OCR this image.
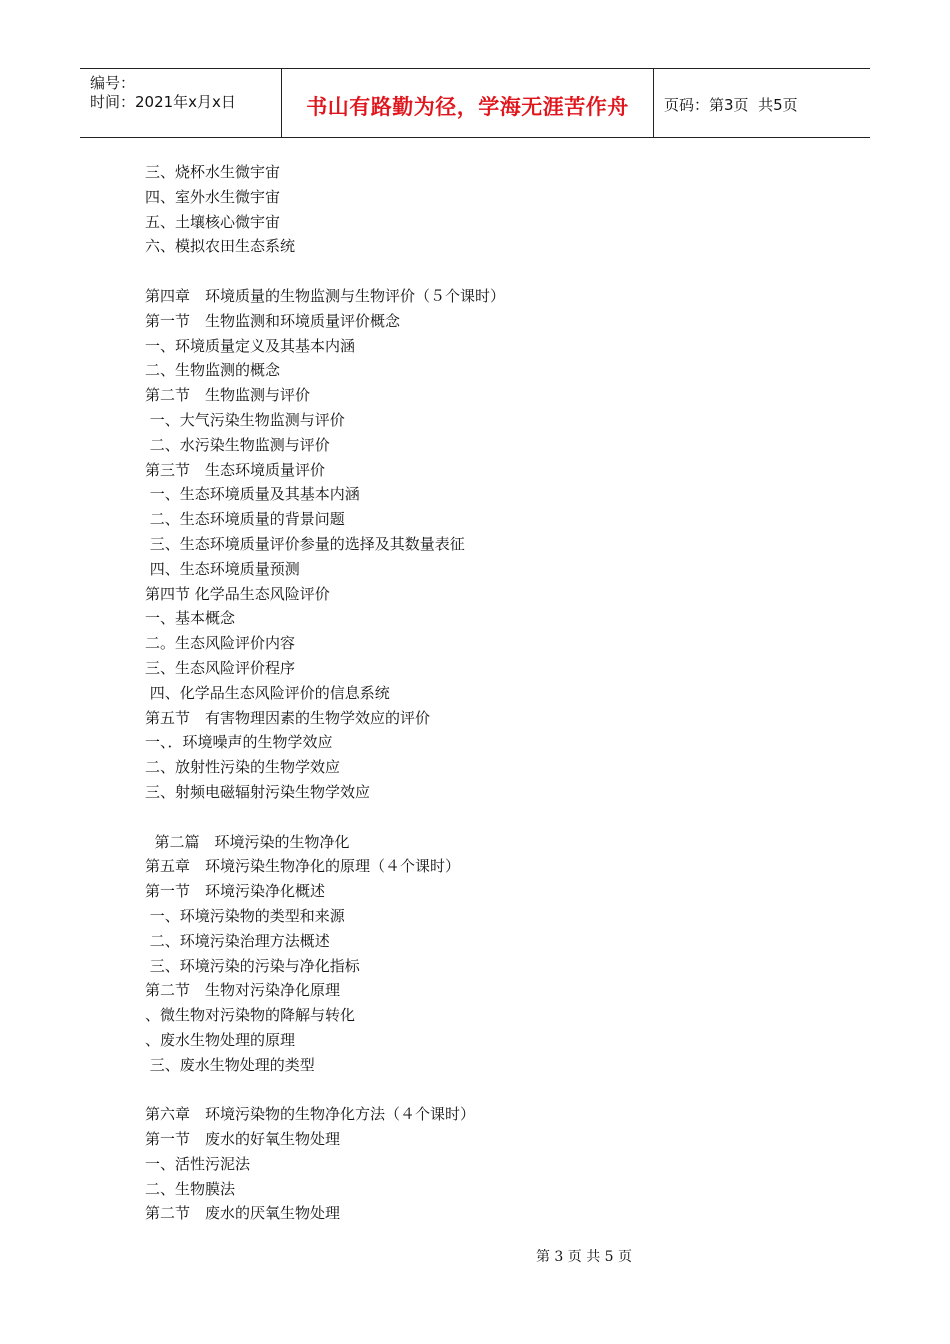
编号：
时间：2021年x月x日	书山有路勤为径，学海无涯苦作舟	页码：第3页  共5页
三、烧杯水生微宇宙
四、室外水生微宇宙
五、土壤核心微宇宙
六、模拟农田生态系统
第四章　环境质量的生物监测与生物评价（５个课时）
第一节　生物监测和环境质量评价概念
一、环境质量定义及其基本内涵
二、生物监测的概念
第二节　生物监测与评价
一、大气污染生物监测与评价
二、水污染生物监测与评价
第三节　生态环境质量评价
一、生态环境质量及其基本内涵
二、生态环境质量的背景问题
三、生态环境质量评价参量的选择及其数量表征
四、生态环境质量预测
第四节 化学品生态风险评价
一、基本概念
二。生态风险评价内容
三、生态风险评价程序
四、化学品生态风险评价的信息系统
第五节　有害物理因素的生物学效应的评价
一、．环境噪声的生物学效应
二、放射性污染的生物学效应
三、射频电磁辐射污染生物学效应
第二篇　环境污染的生物净化
第五章　环境污染生物净化的原理（４个课时）
第一节　环境污染净化概述
一、环境污染物的类型和来源
二、环境污染治理方法概述
三、环境污染的污染与净化指标
第二节　生物对污染净化原理
、微生物对污染物的降解与转化
、废水生物处理的原理
三、废水生物处理的类型
第六章　环境污染物的生物净化方法（４个课时）
第一节　废水的好氧生物处理
一、活性污泥法
二、生物膜法
第二节　废水的厌氧生物处理
第 3 页 共 5 页
